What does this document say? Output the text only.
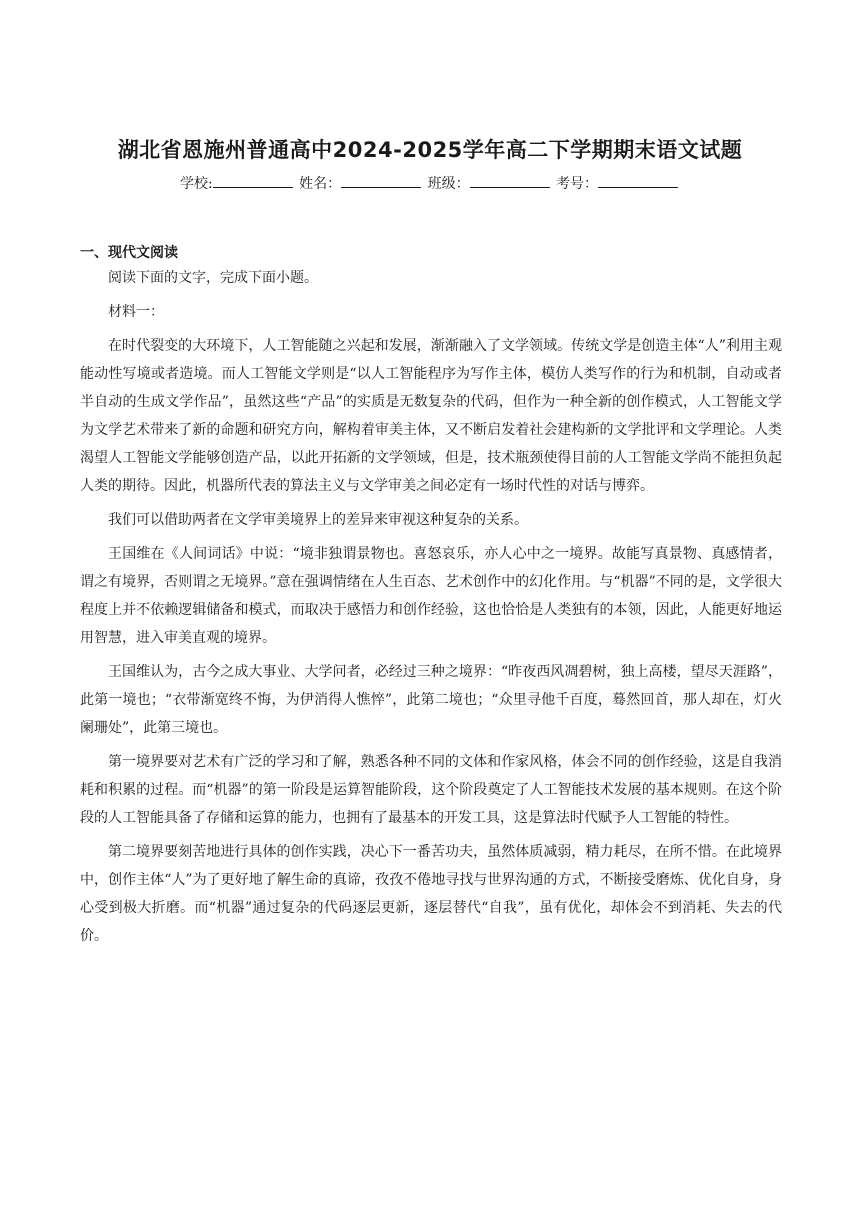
湖北省恩施州普通高中2024-2025学年高二下学期期末语文试题
学校:	姓名：	班级：	考号：
一、现代文阅读

阅读下面的文字，完成下面小题。

材料一：

在时代裂变的大环境下，人工智能随之兴起和发展，渐渐融入了文学领域。传统文学是创造主体“人”利用主观能动性写境或者造境。而人工智能文学则是“以人工智能程序为写作主体，模仿人类写作的行为和机制，自动或者半自动的生成文学作品”，虽然这些“产品”的实质是无数复杂的代码，但作为一种全新的创作模式，人工智能文学为文学艺术带来了新的命题和研究方向，解构着审美主体，又不断启发着社会建构新的文学批评和文学理论。人类渴望人工智能文学能够创造产品，以此开拓新的文学领域，但是，技术瓶颈使得目前的人工智能文学尚不能担负起人类的期待。因此，机器所代表的算法主义与文学审美之间必定有一场时代性的对话与博弈。

我们可以借助两者在文学审美境界上的差异来审视这种复杂的关系。

王国维在《人间词话》中说：“境非独谓景物也。喜怒哀乐，亦人心中之一境界。故能写真景物、真感情者，谓之有境界，否则谓之无境界。”意在强调情绪在人生百态、艺术创作中的幻化作用。与“机器”不同的是，文学很大程度上并不依赖逻辑储备和模式，而取决于感悟力和创作经验，这也恰恰是人类独有的本领，因此，人能更好地运用智慧，进入审美直观的境界。

王国维认为，古今之成大事业、大学问者，必经过三种之境界：“昨夜西风凋碧树，独上高楼，望尽天涯路”，此第一境也；“衣带渐宽终不悔，为伊消得人憔悴”，此第二境也；“众里寻他千百度，蓦然回首，那人却在，灯火阑珊处”，此第三境也。

第一境界要对艺术有广泛的学习和了解，熟悉各种不同的文体和作家风格，体会不同的创作经验，这是自我消耗和积累的过程。而“机器”的第一阶段是运算智能阶段，这个阶段奠定了人工智能技术发展的基本规则。在这个阶段的人工智能具备了存储和运算的能力，也拥有了最基本的开发工具，这是算法时代赋予人工智能的特性。

第二境界要刻苦地进行具体的创作实践，决心下一番苦功夫，虽然体质减弱，精力耗尽，在所不惜。在此境界中，创作主体“人”为了更好地了解生命的真谛，孜孜不倦地寻找与世界沟通的方式，不断接受磨炼、优化自身，身心受到极大折磨。而“机器”通过复杂的代码逐层更新，逐层替代“自我”，虽有优化，却体会不到消耗、失去的代价。
